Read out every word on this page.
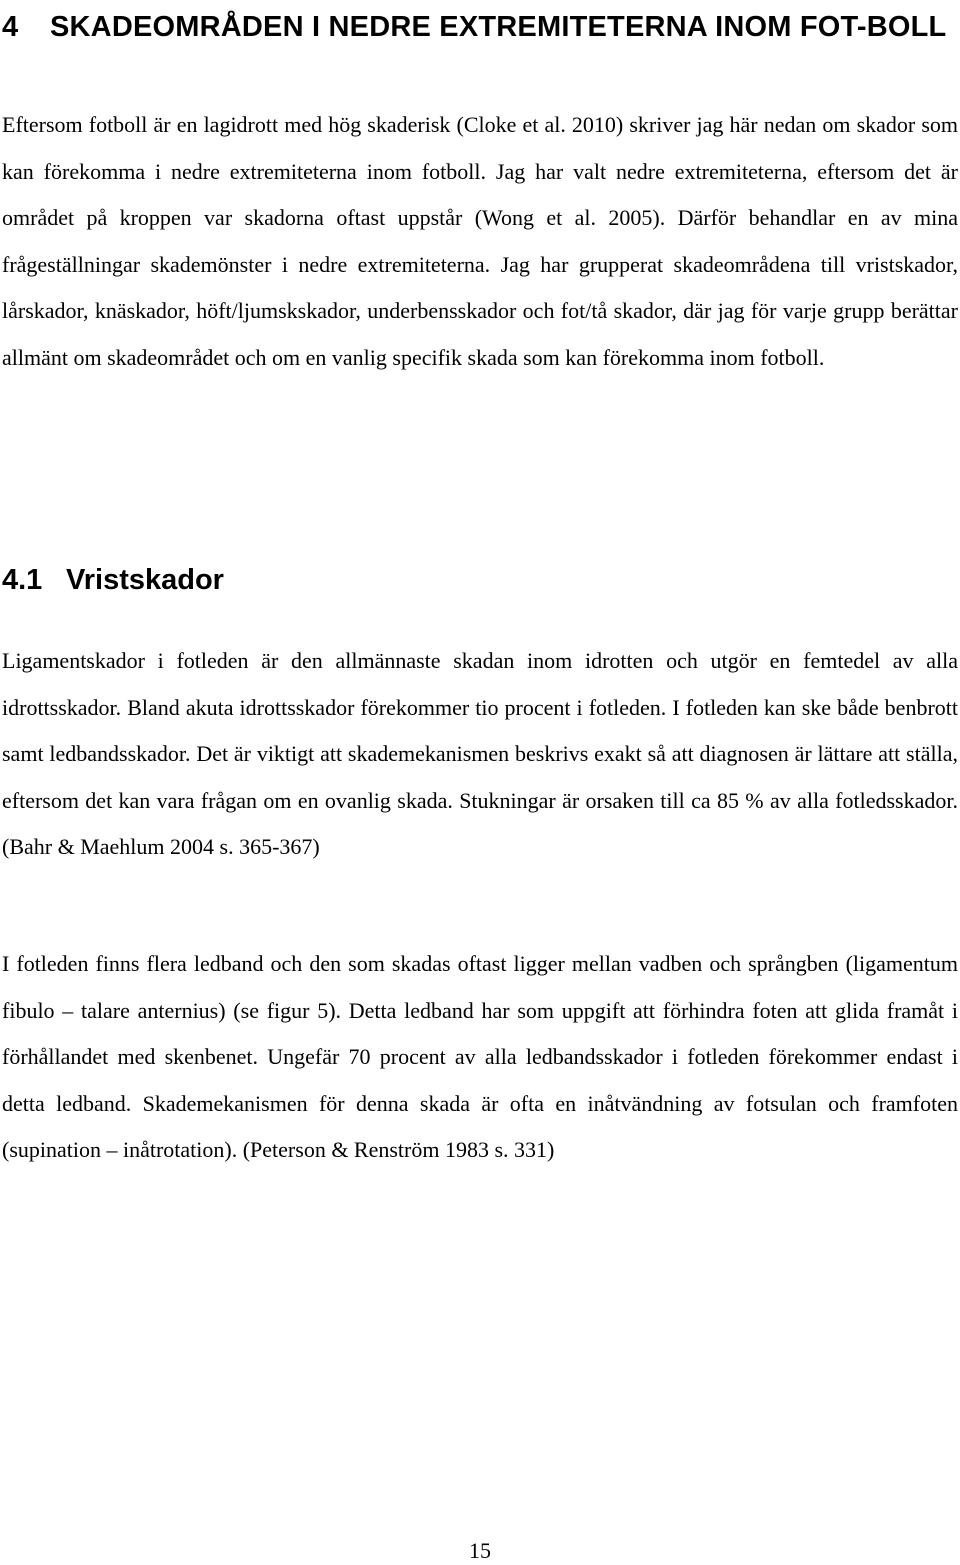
4 SKADEOMRÅDEN I NEDRE EXTREMITETERNA INOM FOT-BOLL

Eftersom fotboll är en lagidrott med hög skaderisk (Cloke et al. 2010) skriver jag här nedan om skador som kan förekomma i nedre extremiteterna inom fotboll. Jag har valt nedre extremiteterna, eftersom det är området på kroppen var skadorna oftast uppstår (Wong et al. 2005). Därför behandlar en av mina frågeställningar skademönster i nedre extremiteterna. Jag har grupperat skadeområdena till vristskador, lårskador, knäskador, höft/ljumskskador, underbensskador och fot/tå skador, där jag för varje grupp berättar allmänt om skadeområdet och om en vanlig specifik skada som kan förekomma inom fotboll.

4.1 Vristskador

Ligamentskador i fotleden är den allmännaste skadan inom idrotten och utgör en femtedel av alla idrottsskador. Bland akuta idrottsskador förekommer tio procent i fotleden. I fotleden kan ske både benbrott samt ledbandsskador. Det är viktigt att skademekanismen beskrivs exakt så att diagnosen är lättare att ställa, eftersom det kan vara frågan om en ovanlig skada. Stukningar är orsaken till ca 85 % av alla fotledsskador. (Bahr & Maehlum 2004 s. 365-367)

I fotleden finns flera ledband och den som skadas oftast ligger mellan vadben och språngben (ligamentum fibulo – talare anternius) (se figur 5). Detta ledband har som uppgift att förhindra foten att glida framåt i förhållandet med skenbenet. Ungefär 70 procent av alla ledbandsskador i fotleden förekommer endast i detta ledband. Skademekanismen för denna skada är ofta en inåtvändning av fotsulan och framfoten (supination – inåtrotation). (Peterson & Renström 1983 s. 331)

15
